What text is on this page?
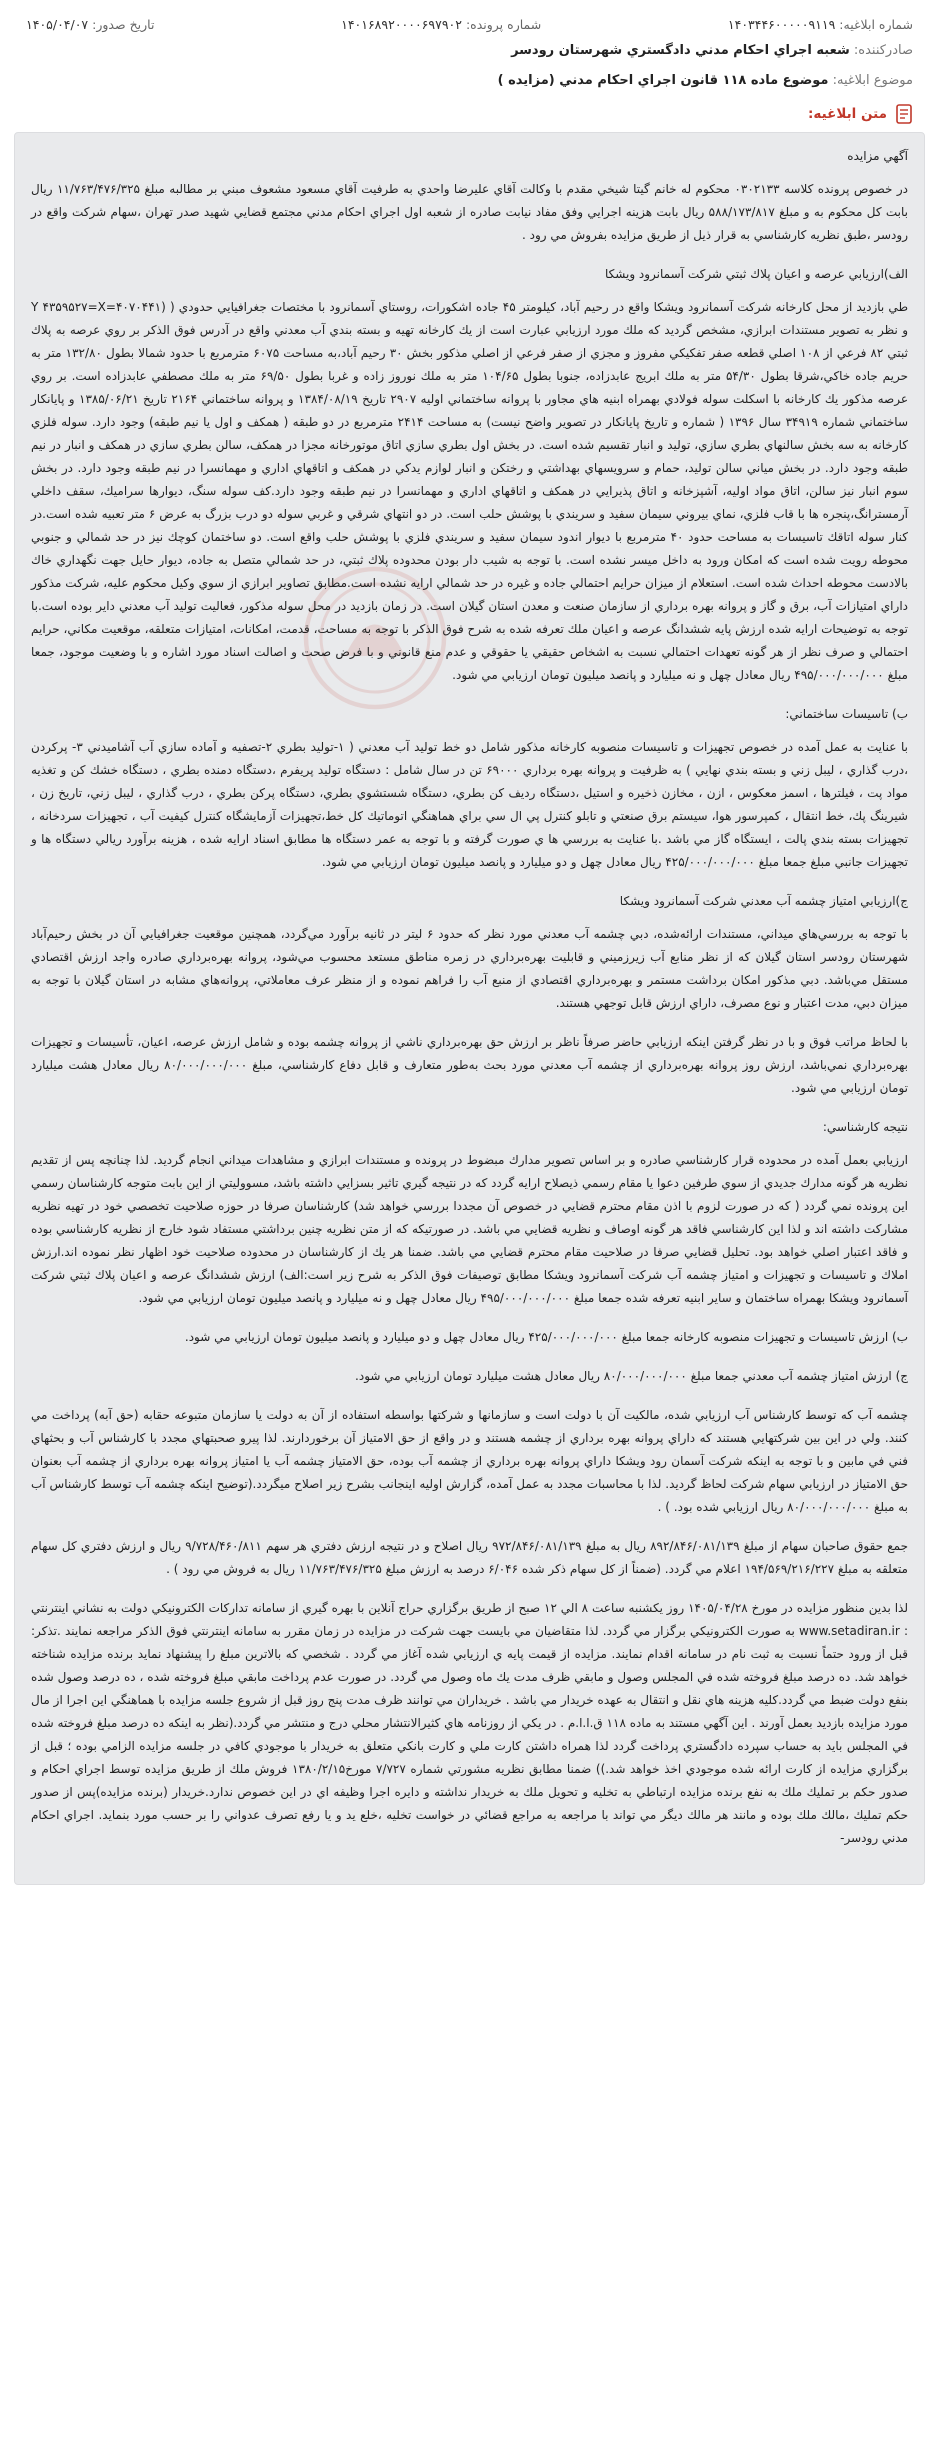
شماره ابلاغيه: ۱۴۰۳۴۴۶۰۰۰۰۰۹۱۱۹
شماره پرونده: ۱۴۰۱۶۸۹۲۰۰۰۰۶۹۷۹۰۲
تاريخ صدور: ۱۴۰۵/۰۴/۰۷
صادركننده: شعبه اجراي احكام مدني دادگستري شهرستان رودسر
موضوع ابلاغيه: موضوع ماده ۱۱۸ قانون اجراي احكام مدني (مزايده )
متن ابلاغيه:
آگهي مزايده
در خصوص پرونده كلاسه ۰۳۰۲۱۳۳ محكوم له خانم گيتا شيخي مقدم با وكالت آقاي عليرضا واحدي به طرفيت آقاي مسعود مشعوف مبني بر مطالبه مبلغ ۱۱/۷۶۳/۴۷۶/۳۲۵ ريال بابت كل محكوم به و مبلغ ۵۸۸/۱۷۳/۸۱۷ ريال بابت هزينه اجرايي وفق مفاد نيابت صادره از شعبه اول اجراي احكام مدني مجتمع قضايي شهيد صدر تهران ،سهام شركت واقع در رودسر ،طبق نظريه كارشناسي به قرار ذيل از طريق مزايده بفروش مي رود .
الف)ارزيابي عرصه و اعيان پلاك ثبتي شركت آسمانرود ويشكا
طي بازديد از محل كارخانه شركت آسمانرود ويشكا واقع در رحيم آباد، كيلومتر ۴۵ جاده اشكورات، روستاي آسمانرود با مختصات جغرافيايي حدودي ( (۴۰۷۰۴۴۱=Y ۴۳۵۹۵۲۷=X و نظر به تصوير مستندات ابرازي، مشخص گرديد كه ملك مورد ارزيابي عبارت است از يك كارخانه تهيه و بسته بندي آب معدني واقع در آدرس فوق الذكر بر روي عرصه به پلاك ثبتي ۸۲ فرعي از ۱۰۸ اصلي قطعه صفر تفكيكي مفروز و مجزي از صفر فرعي از اصلي مذكور بخش ۳۰ رحيم آباد،به مساحت ۶۰۷۵ مترمربع با حدود شمالا بطول ۱۳۲/۸۰ متر به حريم جاده خاكي،شرقا بطول ۵۴/۳۰ متر به ملك ابريج عابدزاده، جنوبا بطول ۱۰۴/۶۵ متر به ملك نوروز زاده و غربا بطول ۶۹/۵۰ متر به ملك مصطفي عابدزاده است. بر روي عرصه مذكور يك كارخانه با اسكلت سوله فولادي بهمراه ابنيه هاي مجاور با پروانه ساختماني اوليه ۲۹۰۷ تاريخ ۱۳۸۴/۰۸/۱۹ و پروانه ساختماني ۲۱۶۴ تاريخ ۱۳۸۵/۰۶/۲۱ و پايانكار ساختماني شماره ۳۴۹۱۹ سال ۱۳۹۶ ( شماره و تاريخ پايانكار در تصوير واضح نيست) به مساحت ۲۴۱۴ مترمربع در دو طبقه ( همكف و اول يا نيم طبقه) وجود دارد. سوله فلزي كارخانه به سه بخش سالنهاي بطري سازي، توليد و انبار تقسيم شده است. در بخش اول بطري سازي اتاق موتورخانه مجزا در همكف، سالن بطري سازي در همكف و انبار در نيم طبقه وجود دارد. در بخش مياني سالن توليد، حمام و سرويسهاي بهداشتي و رختكن و انبار لوازم يدكي در همكف و اتاقهاي اداري و مهمانسرا در نيم طبقه وجود دارد. در بخش سوم انبار نيز سالن، اتاق مواد اوليه، آشپزخانه و اتاق پذيرايي در همكف و اتاقهاي اداري و مهمانسرا در نيم طبقه وجود دارد.كف سوله سنگ، ديوارها سراميك، سقف داخلي آرمسترانگ،پنجره ها با قاب فلزي، نماي بيروني سيمان سفيد و سريندي با پوشش حلب است. در دو انتهاي شرقي و غربي سوله دو درب بزرگ به عرض ۶ متر تعبيه شده است.در كنار سوله اتاقك تاسيسات به مساحت حدود ۴۰ مترمربع با ديوار اندود سيمان سفيد و سريندي فلزي با پوشش حلب واقع است. دو ساختمان كوچك نيز در حد شمالي و جنوبي محوطه رويت شده است كه امكان ورود به داخل ميسر نشده است. با توجه به شيب دار بودن محدوده پلاك ثبتي، در حد شمالي متصل به جاده، ديوار حايل جهت نگهداري خاك بالادست محوطه احداث شده است. استعلام از ميزان حرايم احتمالي جاده و غيره در حد شمالي ارايه نشده است.مطابق تصاوير ابرازي از سوي وكيل محكوم عليه، شركت مذكور داراي امتيازات آب، برق و گاز و پروانه بهره برداري از سازمان صنعت و معدن استان گيلان است. در زمان بازديد در محل سوله مذكور، فعاليت توليد آب معدني داير بوده است.با توجه به توضيحات ارايه شده ارزش پايه ششدانگ عرصه و اعيان ملك تعرفه شده به شرح فوق الذكر با توجه به مساحت، قدمت، امكانات، امتيازات متعلقه، موقعيت مكاني، حرايم احتمالي و صرف نظر از هر گونه تعهدات احتمالي نسبت به اشخاص حقيقي يا حقوقي و عدم منع قانوني و با فرض صحت و اصالت اسناد مورد اشاره و با وضعيت موجود، جمعا مبلغ ۴۹۵/۰۰۰/۰۰۰/۰۰۰ ريال معادل چهل و نه ميليارد و پانصد ميليون تومان ارزيابي مي شود.
ب) تاسيسات ساختماني:
با عنايت به عمل آمده در خصوص تجهيزات و تاسيسات منصوبه كارخانه مذكور شامل دو خط توليد آب معدني ( ۱-توليد بطري ۲-تصفيه و آماده سازي آب آشاميدني ۳- پركردن ،درب گذاري ، ليبل زني و بسته بندي نهايي ) به ظرفيت و پروانه بهره برداري ۶۹۰۰۰ تن در سال شامل : دستگاه توليد پريفرم ،دستگاه دمنده بطري ، دستگاه خشك كن و تغذيه مواد پت ، فيلترها ، اسمز معكوس ، ازن ، مخازن ذخيره و استيل ،دستگاه رديف كن بطري، دستگاه شستشوي بطري، دستگاه پركن بطري ، درب گذاري ، ليبل زني، تاريخ زن ، شيرينگ پك، خط انتقال ، كمپرسور هوا، سيستم برق صنعتي و تابلو كنترل پي ال سي براي هماهنگي اتوماتيك كل خط،تجهيزات آزمايشگاه كنترل كيفيت آب ، تجهيزات سردخانه ، تجهيزات بسته بندي پالت ، ايستگاه گاز مي باشد .با عنايت به بررسي ها ي صورت گرفته و با توجه به عمر دستگاه ها مطابق اسناد ارايه شده ، هزينه برآورد ريالي دستگاه ها و تجهيزات جانبي مبلغ جمعا مبلغ ۴۲۵/۰۰۰/۰۰۰/۰۰۰ ريال معادل چهل و دو ميليارد و پانصد ميليون تومان ارزيابي مي شود.
ج)ارزيابي امتياز چشمه آب معدني شركت آسمانرود ويشكا
با توجه به بررسي‌هاي ميداني، مستندات ارائه‌شده، دبي چشمه آب معدني مورد نظر كه حدود ۶ ليتر در ثانيه برآورد مي‌گردد، همچنين موقعيت جغرافيايي آن در بخش رحيم‌آباد شهرستان رودسر استان گيلان كه از نظر منابع آب زيرزميني و قابليت بهره‌برداري در زمره مناطق مستعد محسوب مي‌شود، پروانه بهره‌برداري صادره واجد ارزش اقتصادي مستقل مي‌باشد. دبي مذكور امكان برداشت مستمر و بهره‌برداري اقتصادي از منبع آب را فراهم نموده و از منظر عرف معاملاتي، پروانه‌هاي مشابه در استان گيلان با توجه به ميزان دبي، مدت اعتبار و نوع مصرف، داراي ارزش قابل توجهي هستند.
با لحاظ مراتب فوق و با در نظر گرفتن اينكه ارزيابي حاضر صرفاً ناظر بر ارزش حق بهره‌برداري ناشي از پروانه چشمه بوده و شامل ارزش عرصه، اعيان، تأسيسات و تجهيزات بهره‌برداري نمي‌باشد، ارزش روز پروانه بهره‌برداري از چشمه آب معدني مورد بحث به‌طور متعارف و قابل دفاع كارشناسي، مبلغ ۸۰/۰۰۰/۰۰۰/۰۰۰ ريال معادل هشت ميليارد تومان ارزيابي مي شود.
نتيجه كارشناسي:
ارزيابي بعمل آمده در محدوده قرار كارشناسي صادره و بر اساس تصوير مدارك مبضوط در پرونده و مستندات ابرازي و مشاهدات ميداني انجام گرديد. لذا چنانچه پس از تقديم نظريه هر گونه مدارك جديدي از سوي طرفين دعوا يا مقام رسمي ذيصلاح ارايه گردد كه در نتيجه گيري تاثير بسزايي داشته باشد، مسووليتي از اين بابت متوجه كارشناسان رسمي اين پرونده نمي گردد ( كه در صورت لزوم با اذن مقام محترم قضايي در خصوص آن مجددا بررسي خواهد شد) كارشناسان صرفا در حوزه صلاحيت تخصصي خود در تهيه نظريه مشاركت داشته اند و لذا اين كارشناسي فاقد هر گونه اوصاف و نظريه قضايي مي باشد. در صورتيكه كه از متن نظريه چنين برداشتي مستفاد شود خارج از نظريه كارشناسي بوده و فاقد اعتبار اصلي خواهد بود. تحليل قضايي صرفا در صلاحيت مقام محترم قضايي مي باشد. ضمنا هر يك از كارشناسان در محدوده صلاحيت خود اظهار نظر نموده اند.ارزش املاك و تاسيسات و تجهيزات و امتياز چشمه آب شركت آسمانرود ويشكا مطابق توصيفات فوق الذكر به شرح زير است:الف) ارزش ششدانگ عرصه و اعيان پلاك ثبتي شركت آسمانرود ويشكا بهمراه ساختمان و ساير ابنيه تعرفه شده جمعا مبلغ ۴۹۵/۰۰۰/۰۰۰/۰۰۰ ريال معادل چهل و نه ميليارد و پانصد ميليون تومان ارزيابي مي شود.
ب) ارزش تاسيسات و تجهيزات منصوبه كارخانه جمعا مبلغ ۴۲۵/۰۰۰/۰۰۰/۰۰۰ ريال معادل چهل و دو ميليارد و پانصد ميليون تومان ارزيابي مي شود.
ج) ارزش امتياز چشمه آب معدني جمعا مبلغ ۸۰/۰۰۰/۰۰۰/۰۰۰ ريال معادل هشت ميليارد تومان ارزيابي مي شود.
چشمه آب كه توسط كارشناس آب ارزيابي شده، مالكيت آن با دولت است و سازمانها و شركتها بواسطه استفاده از آن به دولت يا سازمان متبوعه حقابه (حق آبه) پرداخت مي كنند. ولي در اين بين شركتهايي هستند كه داراي پروانه بهره برداري از چشمه هستند و در واقع از حق الامتياز آن برخوردارند. لذا پيرو صحبتهاي مجدد با كارشناس آب و بحثهاي فني في مابين و با توجه به اينكه شركت آسمان رود ويشكا داراي پروانه بهره برداري از چشمه آب بوده، حق الامتياز چشمه آب يا امتياز پروانه بهره برداري از چشمه آب بعنوان حق الامتياز در ارزيابي سهام شركت لحاظ گرديد. لذا با محاسبات مجدد به عمل آمده، گزارش اوليه اينجانب بشرح زير اصلاح ميگردد.(توضيح اينكه چشمه آب توسط كارشناس آب به مبلغ ۸۰/۰۰۰/۰۰۰/۰۰۰ ريال ارزيابي شده بود. ) .
جمع حقوق صاحبان سهام از مبلغ ۸۹۲/۸۴۶/۰۸۱/۱۳۹ ريال به مبلغ ۹۷۲/۸۴۶/۰۸۱/۱۳۹ ريال اصلاح و در نتيجه ارزش دفتري هر سهم ۹/۷۲۸/۴۶۰/۸۱۱ ريال و ارزش دفتري كل سهام متعلقه به مبلغ ۱۹۴/۵۶۹/۲۱۶/۲۲۷ اعلام مي گردد. (ضمناً از كل سهام ذكر شده ۶/۰۴۶ درصد به ارزش مبلغ ۱۱/۷۶۳/۴۷۶/۳۲۵ ريال به فروش مي رود ) .
لذا بدين منظور مزايده در مورخ ۱۴۰۵/۰۴/۲۸ روز يكشنبه ساعت ۸ الي ۱۲ صبح از طريق برگزاري حراج آنلاين با بهره گيري از سامانه تداركات الكترونيكي دولت به نشاني اينترنتي : www.setadiran.ir به صورت الكترونيكي برگزار مي گردد. لذا متقاضيان مي بايست جهت شركت در مزايده در زمان مقرر به سامانه اينترنتي فوق الذكر مراجعه نمايند .تذكر: قبل از ورود حتماً نسبت به ثبت نام در سامانه اقدام نمايند. مزايده از قيمت پايه ي ارزيابي شده آغاز مي گردد . شخصي كه بالاترين مبلغ را پيشنهاد نمايد برنده مزايده شناخته خواهد شد. ده درصد مبلغ فروخته شده في المجلس وصول و مابقي ظرف مدت يك ماه وصول مي گردد. در صورت عدم پرداخت مابقي مبلغ فروخته شده ، ده درصد وصول شده بنفع دولت ضبط مي گردد.كليه هزينه هاي نقل و انتقال به عهده خريدار مي باشد . خريداران مي توانند ظرف مدت پنج روز قبل از شروع جلسه مزايده با هماهنگي اين اجرا از مال مورد مزايده بازديد بعمل آورند . اين آگهي مستند به ماده ۱۱۸ ق.ا.ا.م . در يكي از روزنامه هاي كثيرالانتشار محلي درج و منتشر مي گردد.(نظر به اينكه ده درصد مبلغ فروخته شده في المجلس بايد به حساب سپرده دادگستري پرداخت گردد لذا همراه داشتن كارت ملي و كارت بانكي متعلق به خريدار با موجودي كافي در جلسه مزايده الزامي بوده ؛ قبل از برگزاري مزايده از كارت ارائه شده موجودي اخذ خواهد شد.)) ضمنا مطابق نظريه مشورتي شماره ۷/۷۲۷ مورخ۱۳۸۰/۲/۱۵ فروش ملك از طريق مزايده توسط اجراي احكام و صدور حكم بر تمليك ملك به نفع برنده مزايده ارتباطي به تخليه و تحويل ملك به خريدار نداشته و دايره اجرا وظيفه اي در اين خصوص ندارد.خريدار (برنده مزايده)پس از صدور حكم تمليك ،مالك ملك بوده و مانند هر مالك ديگر مي تواند با مراجعه به مراجع قضائي در خواست تخليه ،خلع يد و يا رفع تصرف عدواني را بر حسب مورد بنمايد. اجراي احكام مدني رودسر-
